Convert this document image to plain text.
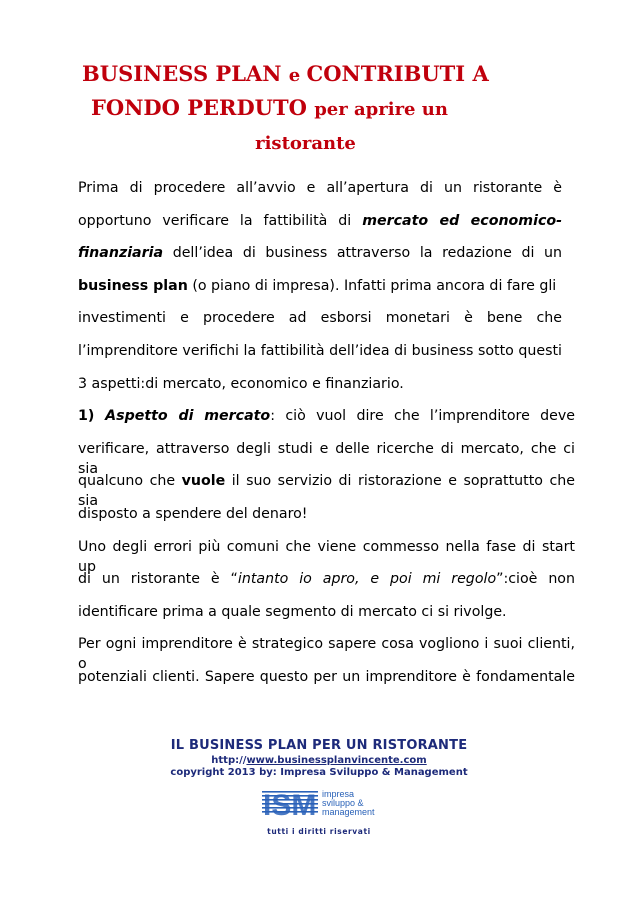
BUSINESS PLAN e CONTRIBUTI A
FONDO PERDUTO per aprire un
ristorante
Prima di procedere all’avvio e all’apertura di un ristorante è
opportuno verificare la fattibilità di mercato ed economico-
finanziaria dell’idea di business attraverso la redazione di un
business plan (o piano di impresa). Infatti prima ancora di fare gli
investimenti e procedere ad esborsi monetari è bene che
l’imprenditore verifichi la fattibilità dell’idea di business sotto questi
3 aspetti:di mercato, economico e finanziario.
1) Aspetto di mercato: ciò vuol dire che l’imprenditore deve
verificare, attraverso degli studi e delle ricerche di mercato, che ci sia
qualcuno che vuole il suo servizio di ristorazione e soprattutto che sia
disposto a spendere del denaro!
Uno degli errori più comuni che viene commesso nella fase di start up
di un ristorante è “intanto io apro, e poi mi regolo”:cioè non
identificare prima a quale segmento di mercato ci si rivolge.
Per ogni imprenditore è strategico sapere cosa vogliono i suoi clienti, o
potenziali clienti. Sapere questo per un imprenditore è fondamentale
IL BUSINESS PLAN PER UN RISTORANTE
http://www.businessplanvincente.com
copyright 2013 by: Impresa Sviluppo & Management
ISM impresa
sviluppo &
management
tutti i diritti riservati
